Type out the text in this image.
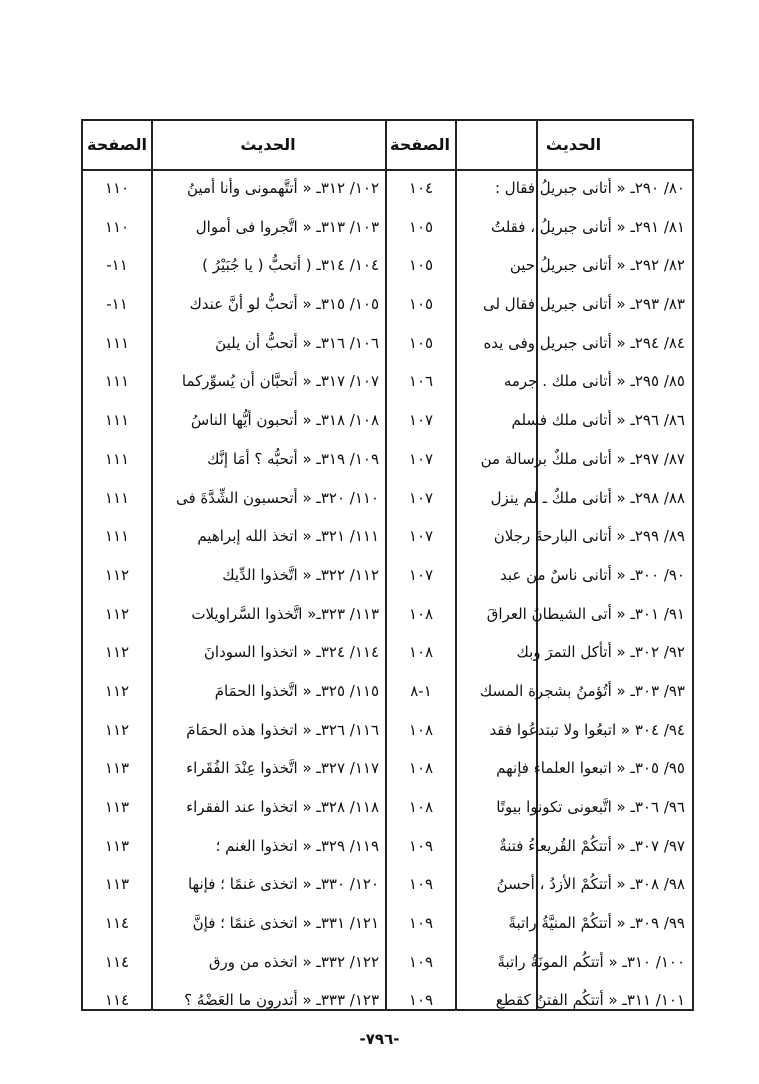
الصفحة	الحديث	الصفحة	الحديث
١١٠	١٠٢/ ٣١٢ـ « أتتَّهمونى وأنا أمينُ	١٠٤	٨٠/ ٢٩٠ـ « أتانى جبريلُ فقال :
١١٠	١٠٣/ ٣١٣ـ « اتَّجروا فى أموال	١٠٥	٨١/ ٢٩١ـ « أتانى جبريلُ ، فقلتُ
-١١	١٠٤/ ٣١٤ـ ( أتحبُّ ( يا جُبَيْرُ )	١٠٥	٨٢/ ٢٩٢ـ « أتانى جبريلُ حين
-١١	١٠٥/ ٣١٥ـ « أتحبُّ لو أنَّ عندك	١٠٥	٨٣/ ٢٩٣ـ « أتانى جبريل فقال لى
١١١	١٠٦/ ٣١٦ـ « أتحبُّ أن يلينَ	١٠٥	٨٤/ ٢٩٤ـ « أتانى جبريل وفى يده
١١١	١٠٧/ ٣١٧ـ « أتحبَّان أن يُسوِّركما	١٠٦	٨٥/ ٢٩٥ـ « أتانى ملك . جرمه
١١١	١٠٨/ ٣١٨ـ « أتحبون أيُّها الناسُ	١٠٧	٨٦/ ٢٩٦ـ « أتانى ملك فسلم
١١١	١٠٩/ ٣١٩ـ « أتحبُّه ؟ أمَا إنَّك	١٠٧	٨٧/ ٢٩٧ـ « أتانى ملكٌ برسالة من
١١١	١١٠/ ٣٢٠ـ « أتحسبون الشِّدَّةَ فى	١٠٧	٨٨/ ٢٩٨ـ « أتانى ملكٌ ـ لم ينزل
١١١	١١١/ ٣٢١ـ « اتخذ الله إبراهيم	١٠٧	٨٩/ ٢٩٩ـ « أتانى البارحةَ رجلان
١١٢	١١٢/ ٣٢٢ـ « اتَّخذوا الدِّيك	١٠٧	٩٠/ ٣٠٠ـ « أتانى ناسٌ من عبد
١١٢	١١٣/ ٣٢٣ـ« اتَّخذوا السَّراويلات	١٠٨	٩١/ ٣٠١ـ « أتى الشيطانُ العراقَ
١١٢	١١٤/ ٣٢٤ـ « اتخذوا السودانَ	١٠٨	٩٢/ ٣٠٢ـ « أتأكل التمرَ وبك
١١٢	١١٥/ ٣٢٥ـ « اتَّخذوا الحمَامَ	١-٨	٩٣/ ٣٠٣ـ « أتُؤمنُ بشجرة المسك
١١٢	١١٦/ ٣٢٦ـ « اتخذوا هذه الحمَامَ	١٠٨	٩٤/ ٣٠٤ « اتبعُوا ولا تبتدعُوا فقد
١١٣	١١٧/ ٣٢٧ـ « اتَّخذوا عِنْدَ الفُقَراء	١٠٨	٩٥/ ٣٠٥ـ « اتبعوا العلماء فإنهم
١١٣	١١٨/ ٣٢٨ـ « اتخذوا عند الفقراء	١٠٨	٩٦/ ٣٠٦ـ « اتَّبعونى تكونوا بيوتًا
١١٣	١١٩/ ٣٢٩ـ « اتخذوا الغنم ؛	١٠٩	٩٧/ ٣٠٧ـ « أتتكُمْ القُريعاءُ فتنةٌ
١١٣	١٢٠/ ٣٣٠ـ « اتخذى غنمًا ؛ فإنها	١٠٩	٩٨/ ٣٠٨ـ « أتتكُمْ الأزدُ ، أحسنُ
١١٤	١٢١/ ٣٣١ـ « اتخذى غنمًا ؛ فإنَّ	١٠٩	٩٩/ ٣٠٩ـ « أتتكُمْ المنيَّةُ راتبةً
١١٤	١٢٢/ ٣٣٢ـ « اتخذه من ورق	١٠٩	١٠٠/ ٣١٠ـ « أتتكُم المونَةُ راتبةً
١١٤	١٢٣/ ٣٣٣ـ « أتدرون ما العَضْهُ ؟	١٠٩	١٠١/ ٣١١ـ « أتتكُم الفتنُ كقطع
-٧٩٦-
